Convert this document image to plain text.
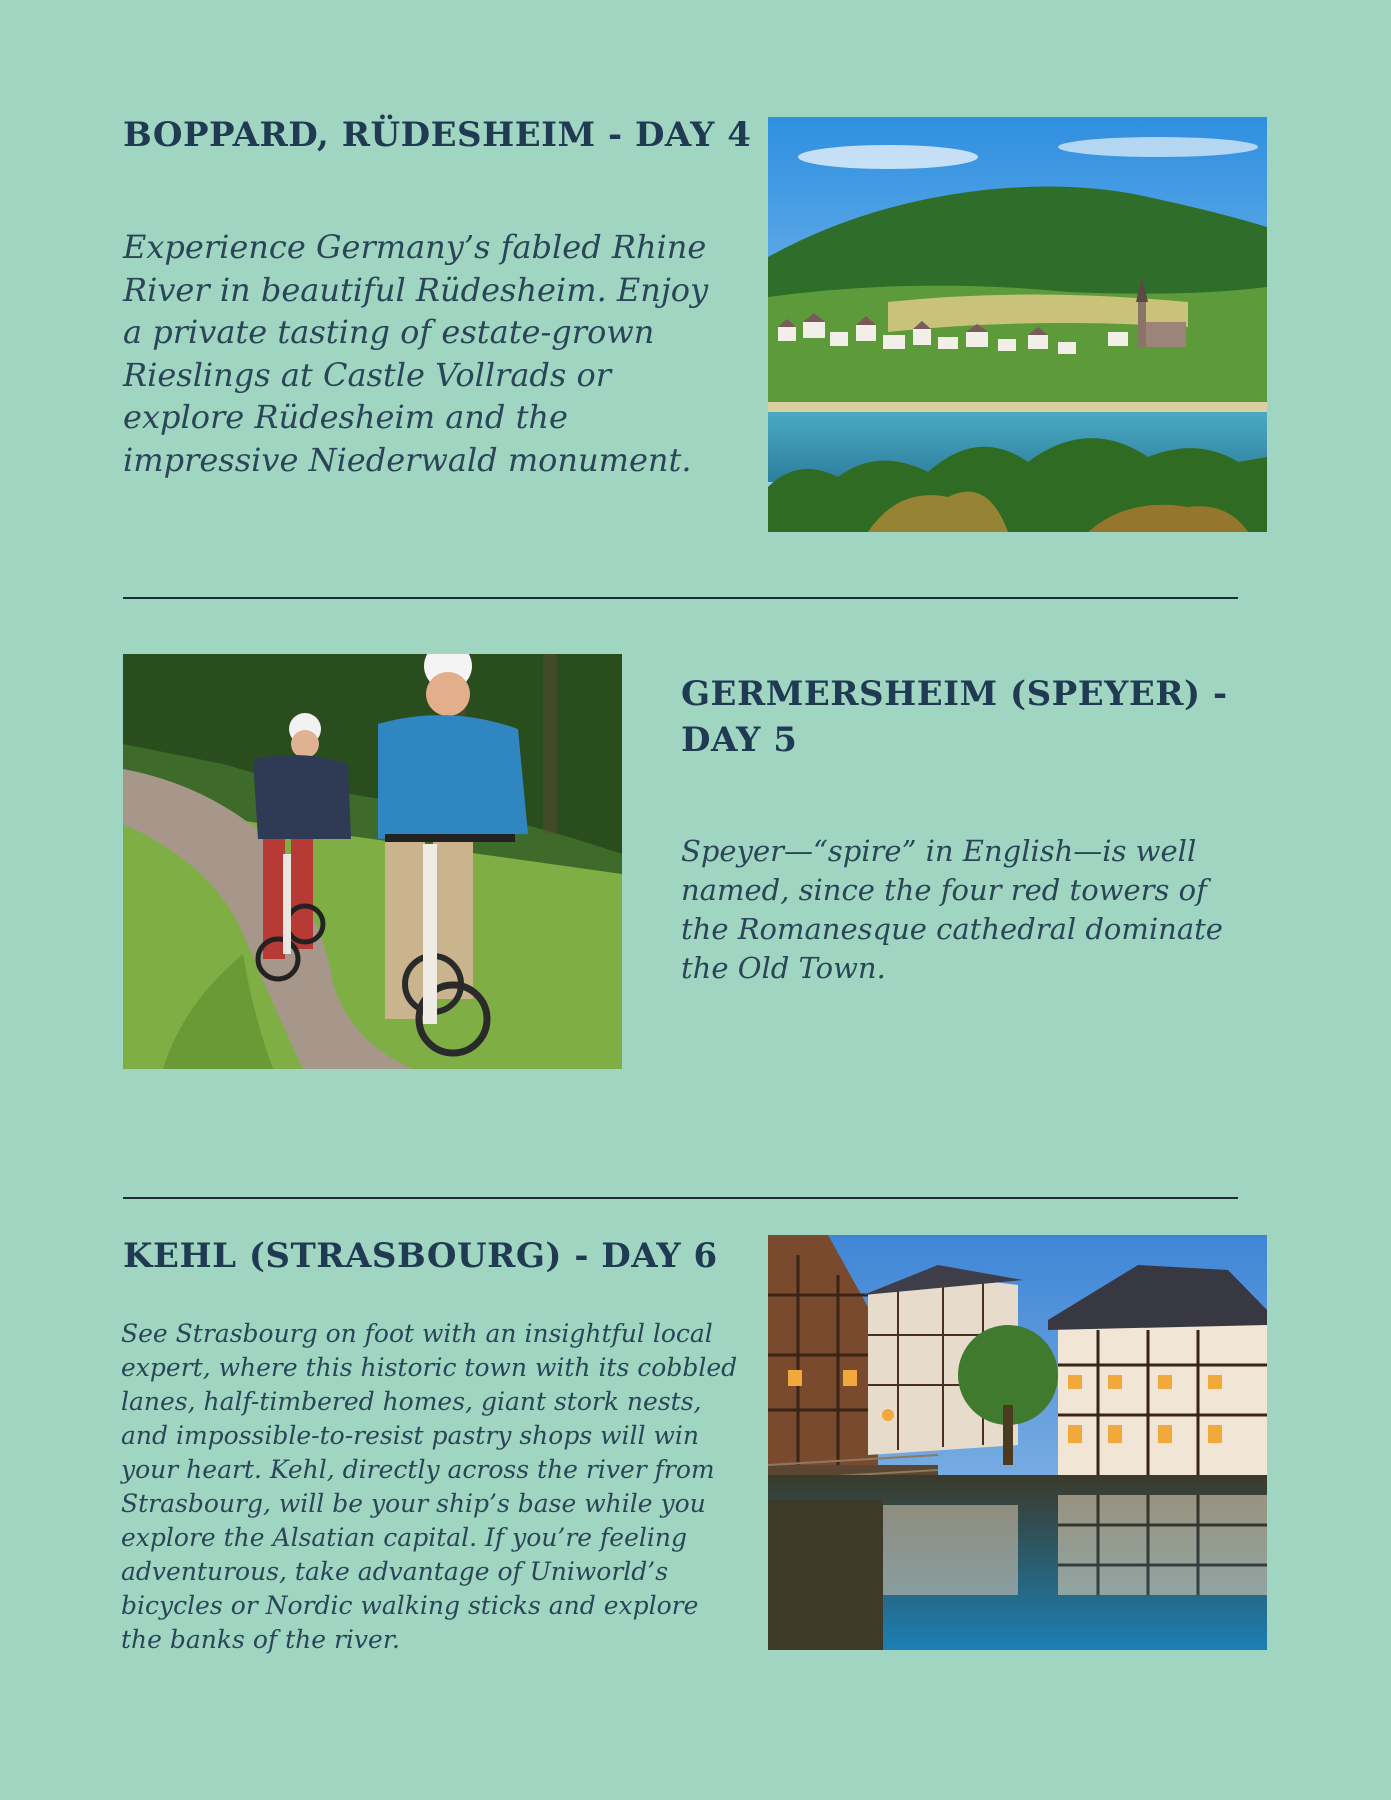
BOPPARD, RÜDESHEIM - DAY 4

Experience Germany’s fabled Rhine River in beautiful Rüdesheim. Enjoy a private tasting of estate-grown Rieslings at Castle Vollrads or explore Rüdesheim and the impressive Niederwald monument.

GERMERSHEIM (SPEYER) - DAY 5

Speyer—“spire” in English—is well named, since the four red towers of the Romanesque cathedral dominate the Old Town.

KEHL (STRASBOURG) - DAY 6

See Strasbourg on foot with an insightful local expert, where this historic town with its cobbled lanes, half-timbered homes, giant stork nests, and impossible-to-resist pastry shops will win your heart. Kehl, directly across the river from Strasbourg, will be your ship’s base while you explore the Alsatian capital. If you’re feeling adventurous, take advantage of Uniworld’s bicycles or Nordic walking sticks and explore the banks of the river.
